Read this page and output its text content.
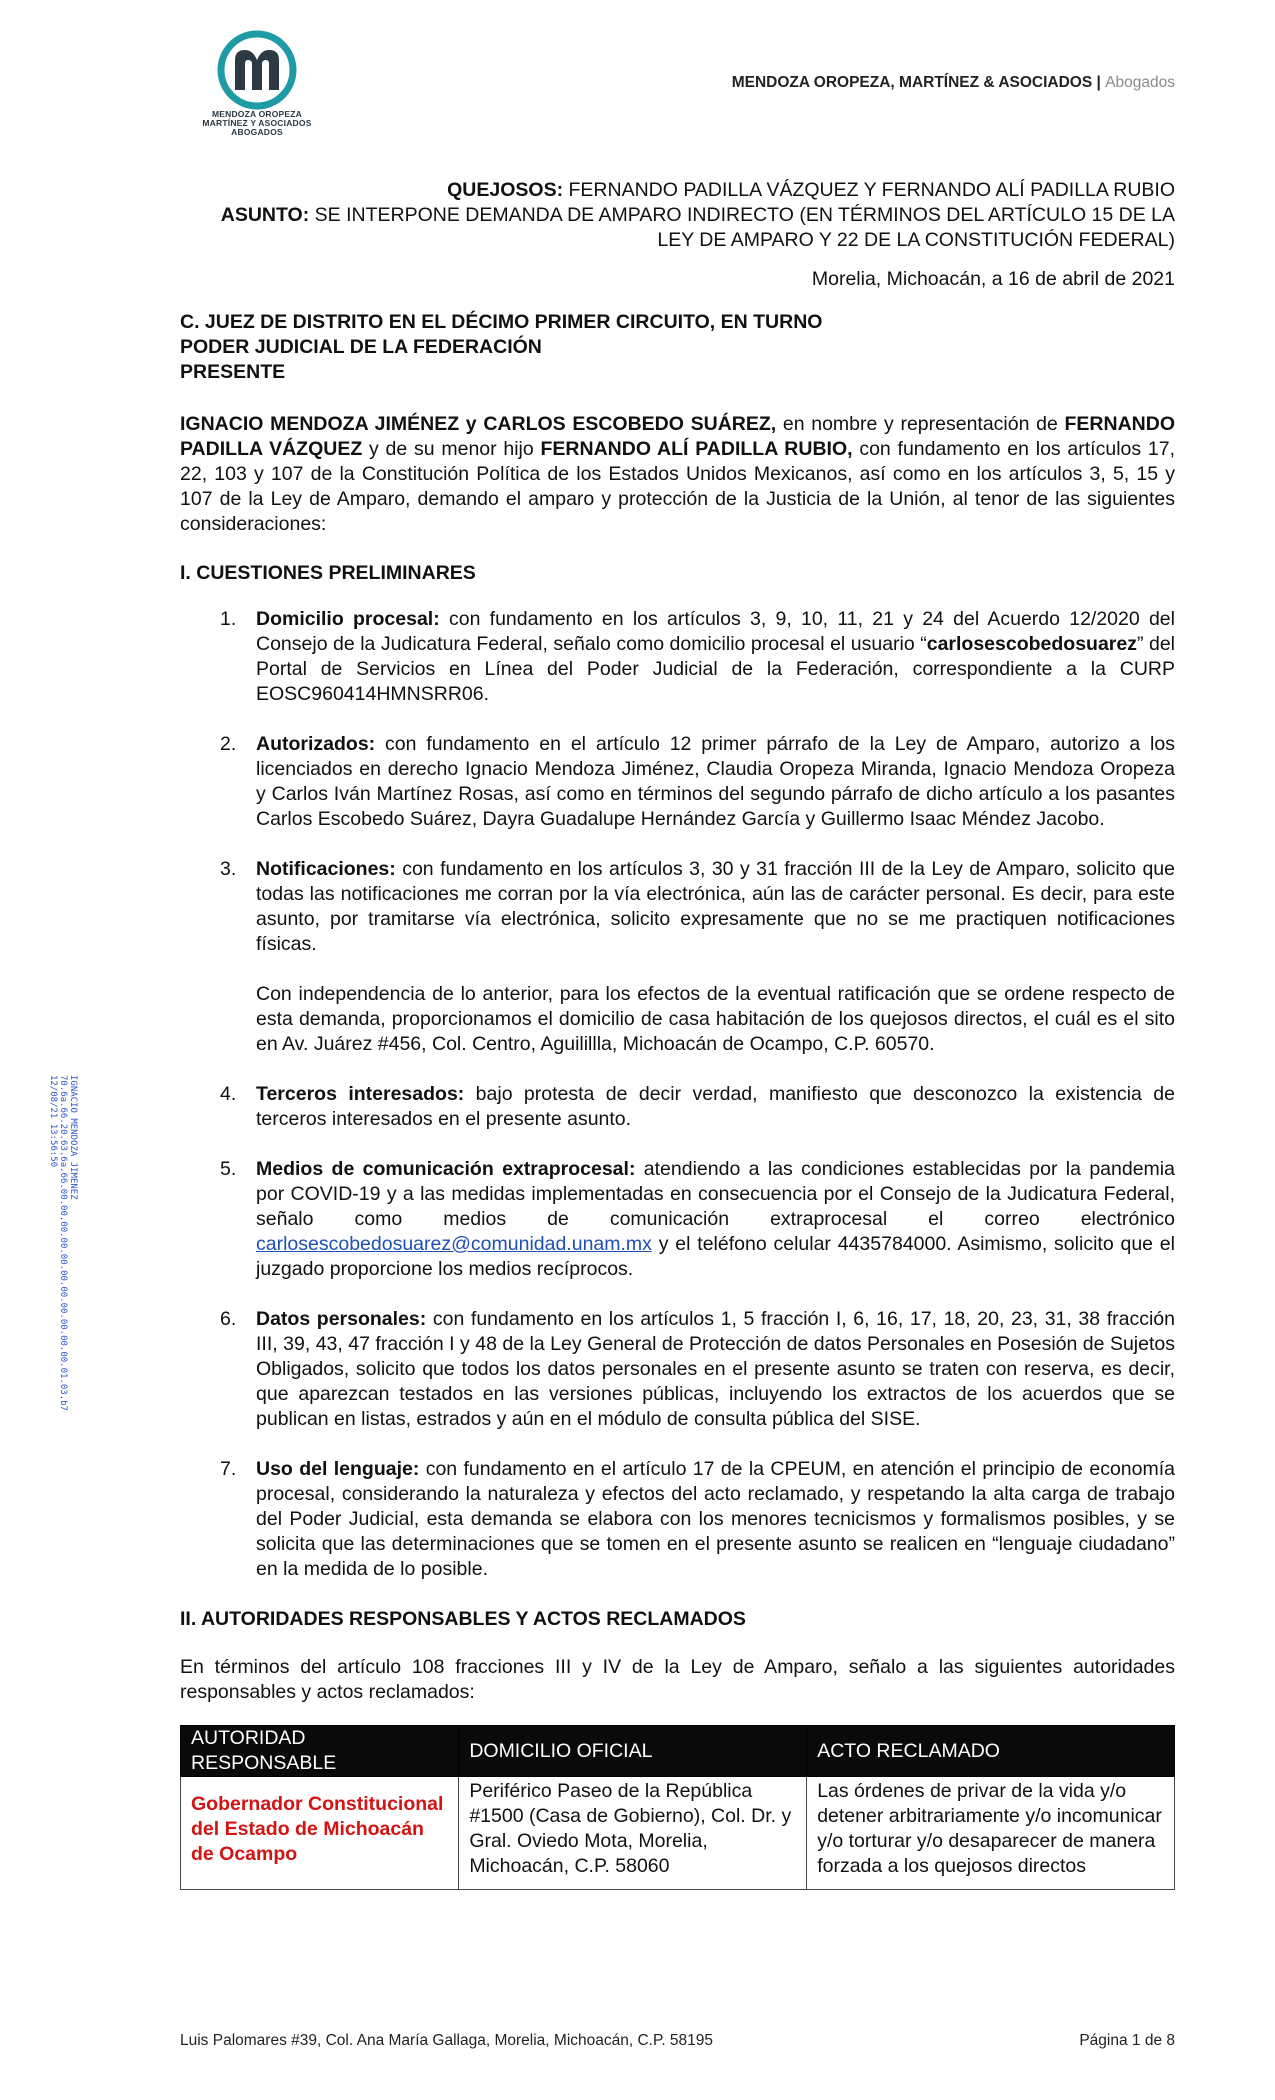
MENDOZA OROPEZA
MARTÍNEZ Y ASOCIADOS
ABOGADOS
MENDOZA OROPEZA, MARTÍNEZ & ASOCIADOS | Abogados

QUEJOSOS: FERNANDO PADILLA VÁZQUEZ Y FERNANDO ALÍ PADILLA RUBIO

ASUNTO: SE INTERPONE DEMANDA DE AMPARO INDIRECTO (EN TÉRMINOS DEL ARTÍCULO 15 DE LA

LEY DE AMPARO Y 22 DE LA CONSTITUCIÓN FEDERAL)

Morelia, Michoacán, a 16 de abril de 2021
C. JUEZ DE DISTRITO EN EL DÉCIMO PRIMER CIRCUITO, EN TURNO
PODER JUDICIAL DE LA FEDERACIÓN
PRESENTE
IGNACIO MENDOZA JIMÉNEZ y CARLOS ESCOBEDO SUÁREZ, en nombre y representación de FERNANDO PADILLA VÁZQUEZ y de su menor hijo FERNANDO ALÍ PADILLA RUBIO, con fundamento en los artículos 17, 22, 103 y 107 de la Constitución Política de los Estados Unidos Mexicanos, así como en los artículos 3, 5, 15 y 107 de la Ley de Amparo, demando el amparo y protección de la Justicia de la Unión, al tenor de las siguientes consideraciones:
I. CUESTIONES PRELIMINARES
1. Domicilio procesal: con fundamento en los artículos 3, 9, 10, 11, 21 y 24 del Acuerdo 12/2020 del Consejo de la Judicatura Federal, señalo como domicilio procesal el usuario “carlosescobedosuarez” del Portal de Servicios en Línea del Poder Judicial de la Federación, correspondiente a la CURP EOSC960414HMNSRR06.
2. Autorizados: con fundamento en el artículo 12 primer párrafo de la Ley de Amparo, autorizo a los licenciados en derecho Ignacio Mendoza Jiménez, Claudia Oropeza Miranda, Ignacio Mendoza Oropeza y Carlos Iván Martínez Rosas, así como en términos del segundo párrafo de dicho artículo a los pasantes Carlos Escobedo Suárez, Dayra Guadalupe Hernández García y Guillermo Isaac Méndez Jacobo.
3. Notificaciones: con fundamento en los artículos 3, 30 y 31 fracción III de la Ley de Amparo, solicito que todas las notificaciones me corran por la vía electrónica, aún las de carácter personal. Es decir, para este asunto, por tramitarse vía electrónica, solicito expresamente que no se me practiquen notificaciones físicas.
Con independencia de lo anterior, para los efectos de la eventual ratificación que se ordene respecto de esta demanda, proporcionamos el domicilio de casa habitación de los quejosos directos, el cuál es el sito en Av. Juárez #456, Col. Centro, Aguilillla, Michoacán de Ocampo, C.P. 60570.
4. Terceros interesados: bajo protesta de decir verdad, manifiesto que desconozco la existencia de terceros interesados en el presente asunto.
5. Medios de comunicación extraprocesal: atendiendo a las condiciones establecidas por la pandemia por COVID-19 y a las medidas implementadas en consecuencia por el Consejo de la Judicatura Federal, señalo como medios de comunicación extraprocesal el correo electrónico carlosescobedosuarez@comunidad.unam.mx y el teléfono celular 4435784000. Asimismo, solicito que el juzgado proporcione los medios recíprocos.
6. Datos personales: con fundamento en los artículos 1, 5 fracción I, 6, 16, 17, 18, 20, 23, 31, 38 fracción III, 39, 43, 47 fracción I y 48 de la Ley General de Protección de datos Personales en Posesión de Sujetos Obligados, solicito que todos los datos personales en el presente asunto se traten con reserva, es decir, que aparezcan testados en las versiones públicas, incluyendo los extractos de los acuerdos que se publican en listas, estrados y aún en el módulo de consulta pública del SISE.
7. Uso del lenguaje: con fundamento en el artículo 17 de la CPEUM, en atención el principio de economía procesal, considerando la naturaleza y efectos del acto reclamado, y respetando la alta carga de trabajo del Poder Judicial, esta demanda se elabora con los menores tecnicismos y formalismos posibles, y se solicita que las determinaciones que se tomen en el presente asunto se realicen en “lenguaje ciudadano” en la medida de lo posible.
II. AUTORIDADES RESPONSABLES Y ACTOS RECLAMADOS
En términos del artículo 108 fracciones III y IV de la Ley de Amparo, señalo a las siguientes autoridades responsables y actos reclamados:
AUTORIDAD RESPONSABLE	DOMICILIO OFICIAL	ACTO RECLAMADO
Gobernador Constitucional del Estado de Michoacán de Ocampo	Periférico Paseo de la República #1500 (Casa de Gobierno), Col. Dr. y Gral. Oviedo Mota, Morelia, Michoacán, C.P. 58060	Las órdenes de privar de la vida y/o detener arbitrariamente y/o incomunicar y/o torturar y/o desaparecer de manera forzada a los quejosos directos
IGNACIO MENDOZA JIMENEZ
70.6a.66.20.63.6a.66.00.00.00.00.00.00.00.00.00.00.00.01.03.b7
12/08/21 13:56:50
Luis Palomares #39, Col. Ana María Gallaga, Morelia, Michoacán, C.P. 58195	Página 1 de 8
